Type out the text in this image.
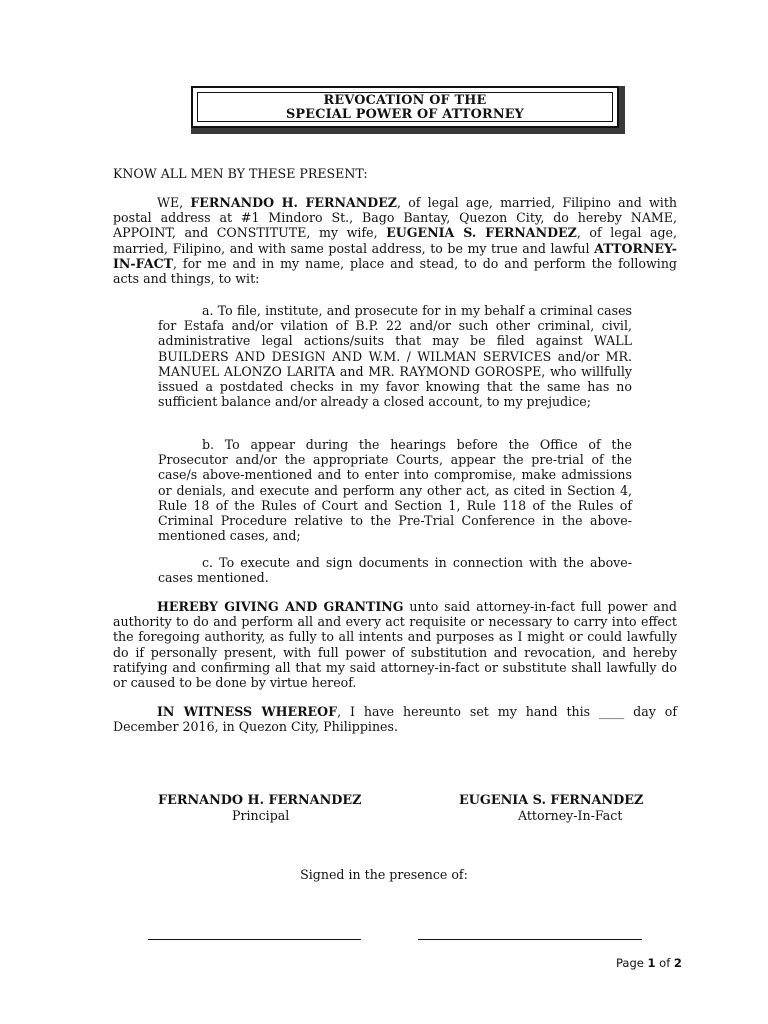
REVOCATION OF THE
SPECIAL POWER OF ATTORNEY

KNOW ALL MEN BY THESE PRESENT:

WE, FERNANDO H. FERNANDEZ, of legal age, married, Filipino and with postal address at #1 Mindoro St., Bago Bantay, Quezon City, do hereby NAME, APPOINT, and CONSTITUTE, my wife, EUGENIA S. FERNANDEZ, of legal age, married, Filipino, and with same postal address, to be my true and lawful ATTORNEY-IN-FACT, for me and in my name, place and stead, to do and perform the following acts and things, to wit:

a. To file, institute, and prosecute for in my behalf a criminal cases for Estafa and/or vilation of B.P. 22 and/or such other criminal, civil, administrative legal actions/suits that may be filed against WALL BUILDERS AND DESIGN AND W.M. / WILMAN SERVICES and/or MR. MANUEL ALONZO LARITA and MR. RAYMOND GOROSPE, who willfully issued a postdated checks in my favor knowing that the same has no sufficient balance and/or already a closed account, to my prejudice;

b. To appear during the hearings before the Office of the Prosecutor and/or the appropriate Courts, appear the pre-trial of the case/s above-mentioned and to enter into compromise, make admissions or denials, and execute and perform any other act, as cited in Section 4, Rule 18 of the Rules of Court and Section 1, Rule 118 of the Rules of Criminal Procedure relative to the Pre-Trial Conference in the above-mentioned cases, and;

c. To execute and sign documents in connection with the above-cases mentioned.

HEREBY GIVING AND GRANTING unto said attorney-in-fact full power and authority to do and perform all and every act requisite or necessary to carry into effect the foregoing authority, as fully to all intents and purposes as I might or could lawfully do if personally present, with full power of substitution and revocation, and hereby ratifying and confirming all that my said attorney-in-fact or substitute shall lawfully do or caused to be done by virtue hereof.

IN WITNESS WHEREOF, I have hereunto set my hand this ____ day of December 2016, in Quezon City, Philippines.

FERNANDO H. FERNANDEZ
Principal
EUGENIA S. FERNANDEZ
Attorney-In-Fact
Signed in the presence of:
Page 1 of 2
